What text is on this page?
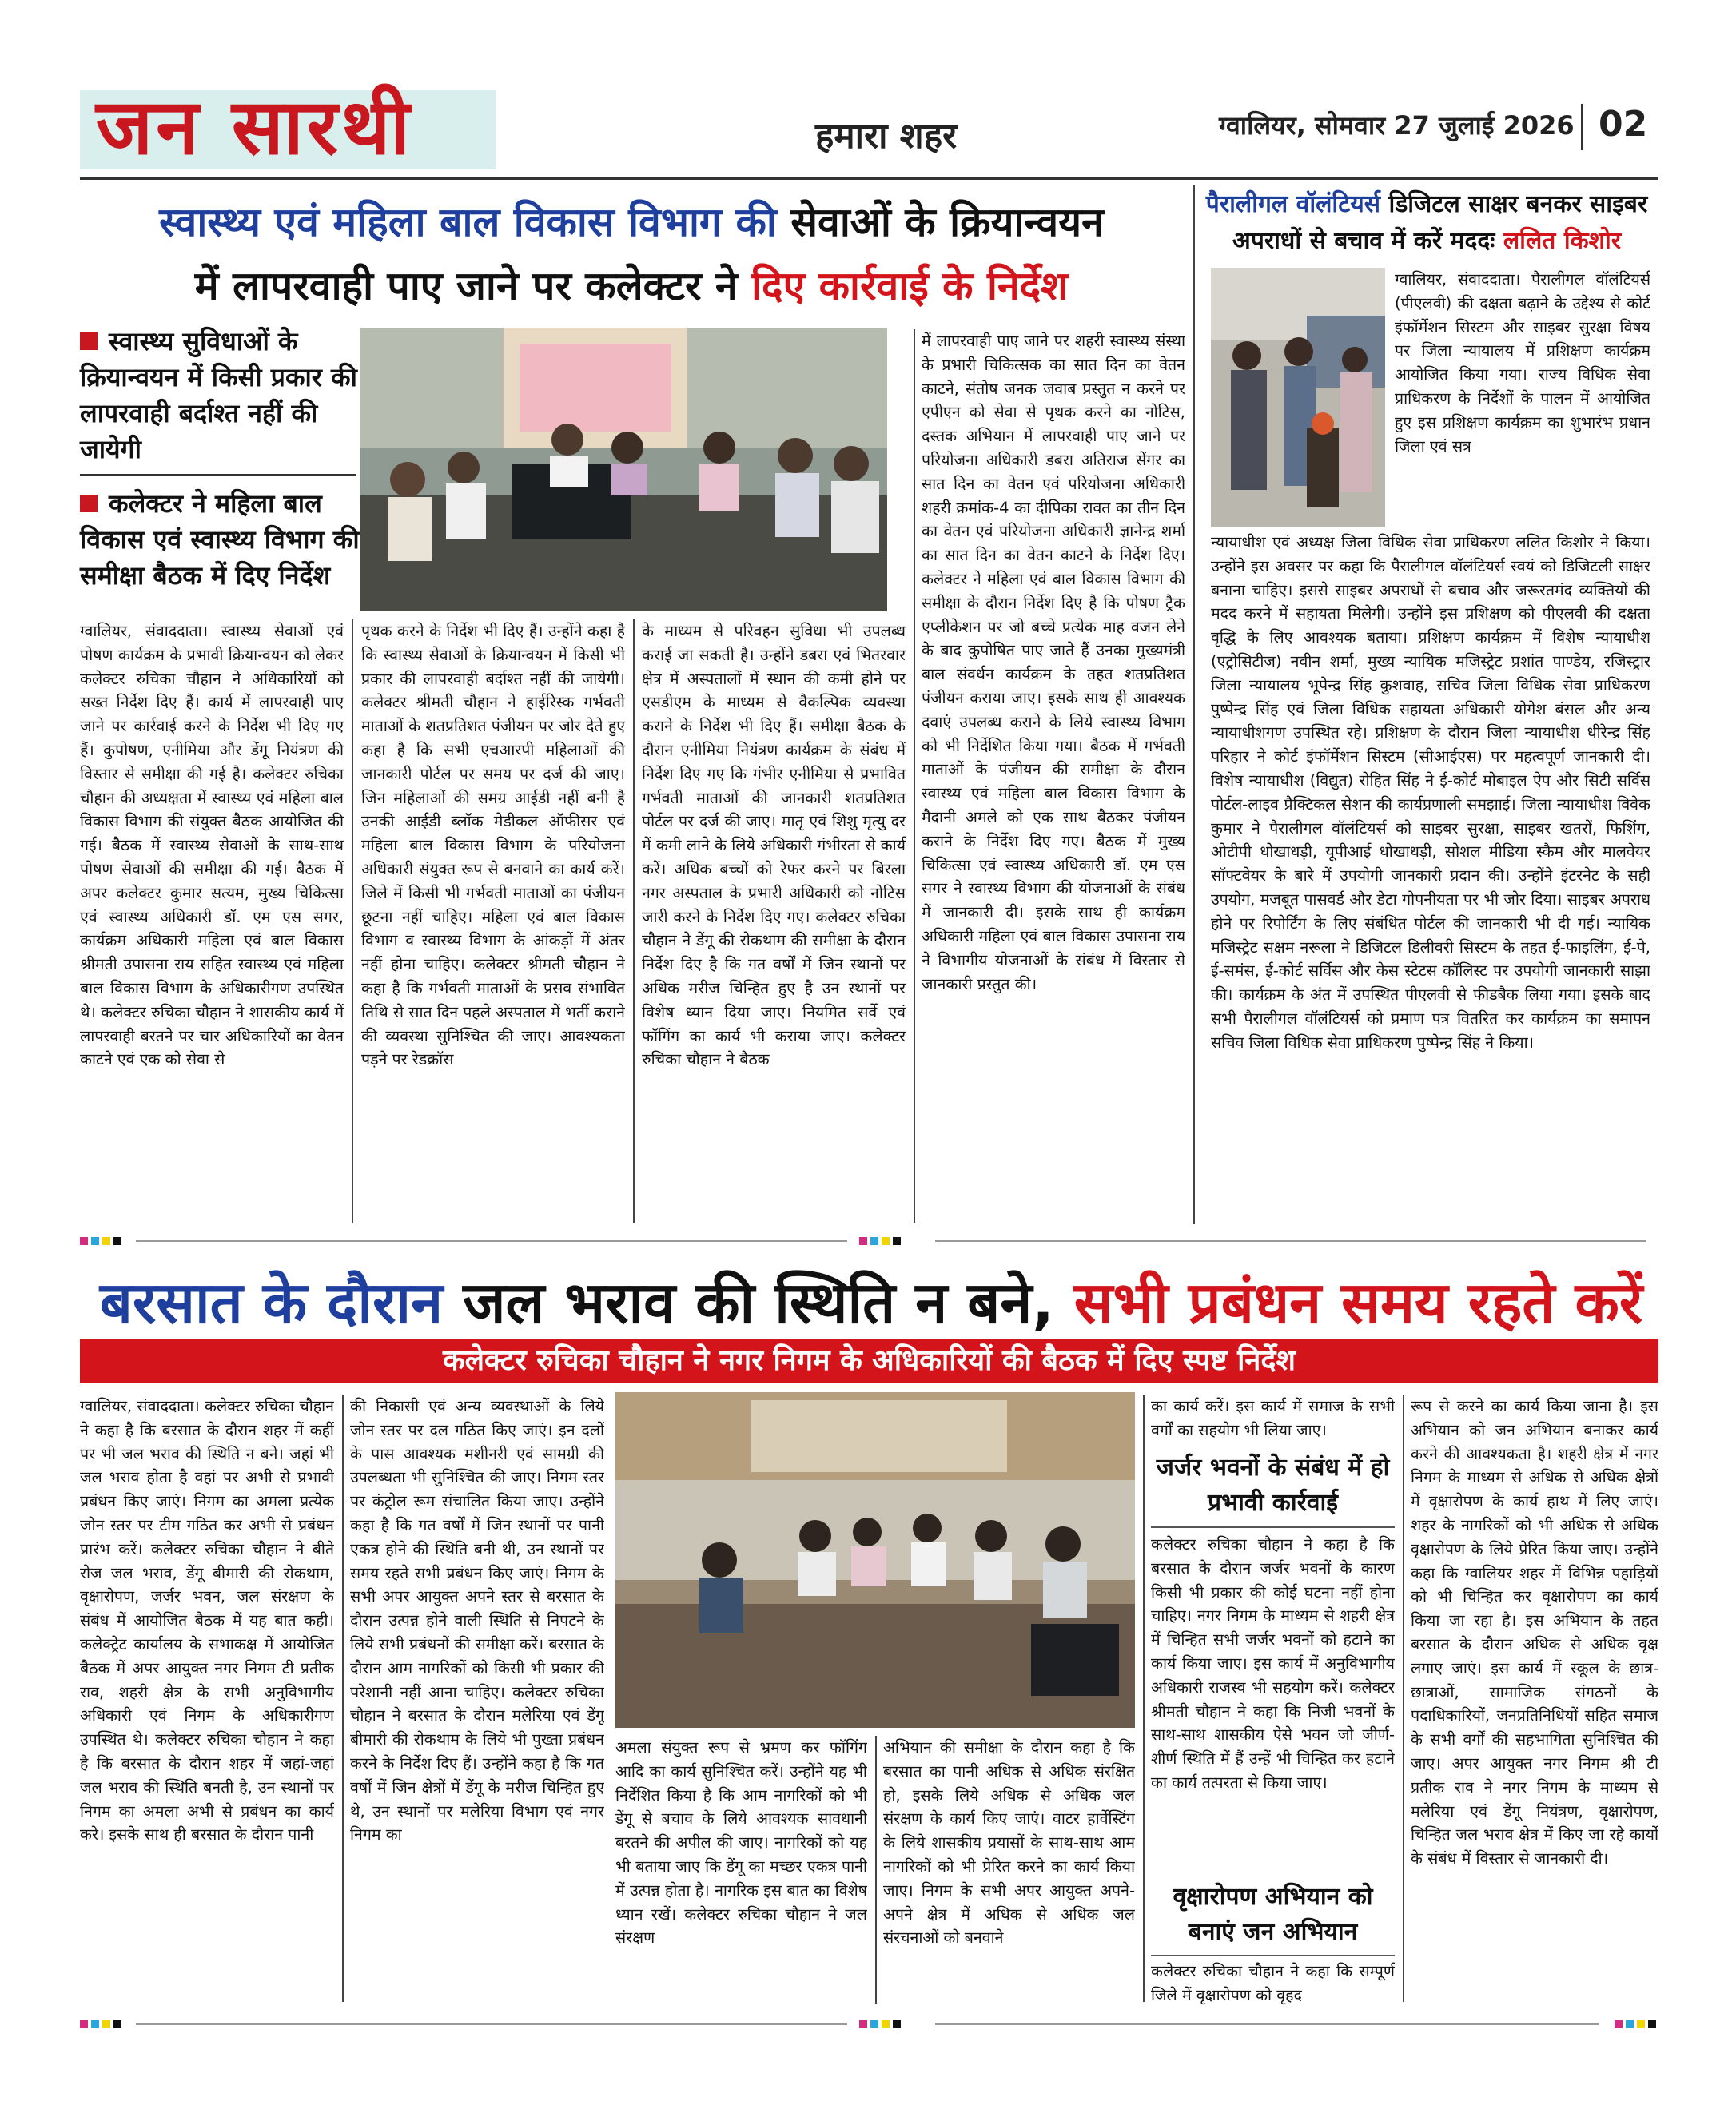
जन सारथी	हमारा शहर	ग्वालियर, सोमवार 27 जुलाई 2026 02
स्वास्थ्य एवं महिला बाल विकास विभाग की सेवाओं के क्रियान्वयन
में लापरवाही पाए जाने पर कलेक्टर ने दिए कार्रवाई के निर्देश
स्वास्थ्य सुविधाओं के क्रियान्वयन में किसी प्रकार की लापरवाही बर्दाश्त नहीं की जायेगी
कलेक्टर ने महिला बाल विकास एवं स्वास्थ्य विभाग की समीक्षा बैठक में दिए निर्देश

ग्वालियर, संवाददाता। स्वास्थ्य सेवाओं एवं पोषण कार्यक्रम के प्रभावी क्रियान्वयन को लेकर कलेक्टर रुचिका चौहान ने अधिकारियों को सख्त निर्देश दिए हैं। कार्य में लापरवाही पाए जाने पर कार्रवाई करने के निर्देश भी दिए गए हैं। कुपोषण, एनीमिया और डेंगू नियंत्रण की विस्तार से समीक्षा की गई है। कलेक्टर रुचिका चौहान की अध्यक्षता में स्वास्थ्य एवं महिला बाल विकास विभाग की संयुक्त बैठक आयोजित की गई। बैठक में स्वास्थ्य सेवाओं के साथ-साथ पोषण सेवाओं की समीक्षा की गई। बैठक में अपर कलेक्टर कुमार सत्यम, मुख्य चिकित्सा एवं स्वास्थ्य अधिकारी डॉ. एम एस सगर, कार्यक्रम अधिकारी महिला एवं बाल विकास श्रीमती उपासना राय सहित स्वास्थ्य एवं महिला बाल विकास विभाग के अधिकारीगण उपस्थित थे। कलेक्टर रुचिका चौहान ने शासकीय कार्य में लापरवाही बरतने पर चार अधिकारियों का वेतन काटने एवं एक को सेवा से

पृथक करने के निर्देश भी दिए हैं। उन्होंने कहा है कि स्वास्थ्य सेवाओं के क्रियान्वयन में किसी भी प्रकार की लापरवाही बर्दाश्त नहीं की जायेगी। कलेक्टर श्रीमती चौहान ने हाईरिस्क गर्भवती माताओं के शतप्रतिशत पंजीयन पर जोर देते हुए कहा है कि सभी एचआरपी महिलाओं की जानकारी पोर्टल पर समय पर दर्ज की जाए। जिन महिलाओं की समग्र आईडी नहीं बनी है उनकी आईडी ब्लॉक मेडीकल ऑफीसर एवं महिला बाल विकास विभाग के परियोजना अधिकारी संयुक्त रूप से बनवाने का कार्य करें। जिले में किसी भी गर्भवती माताओं का पंजीयन छूटना नहीं चाहिए। महिला एवं बाल विकास विभाग व स्वास्थ्य विभाग के आंकड़ों में अंतर नहीं होना चाहिए। कलेक्टर श्रीमती चौहान ने कहा है कि गर्भवती माताओं के प्रसव संभावित तिथि से सात दिन पहले अस्पताल में भर्ती कराने की व्यवस्था सुनिश्चित की जाए। आवश्यकता पड़ने पर रेडक्रॉस

के माध्यम से परिवहन सुविधा भी उपलब्ध कराई जा सकती है। उन्होंने डबरा एवं भितरवार क्षेत्र में अस्पतालों में स्थान की कमी होने पर एसडीएम के माध्यम से वैकल्पिक व्यवस्था कराने के निर्देश भी दिए हैं। समीक्षा बैठक के दौरान एनीमिया नियंत्रण कार्यक्रम के संबंध में निर्देश दिए गए कि गंभीर एनीमिया से प्रभावित गर्भवती माताओं की जानकारी शतप्रतिशत पोर्टल पर दर्ज की जाए। मातृ एवं शिशु मृत्यु दर में कमी लाने के लिये अधिकारी गंभीरता से कार्य करें। अधिक बच्चों को रेफर करने पर बिरला नगर अस्पताल के प्रभारी अधिकारी को नोटिस जारी करने के निर्देश दिए गए। कलेक्टर रुचिका चौहान ने डेंगू की रोकथाम की समीक्षा के दौरान निर्देश दिए है कि गत वर्षों में जिन स्थानों पर अधिक मरीज चिन्हित हुए है उन स्थानों पर विशेष ध्यान दिया जाए। नियमित सर्वे एवं फॉगिंग का कार्य भी कराया जाए। कलेक्टर रुचिका चौहान ने बैठक

में लापरवाही पाए जाने पर शहरी स्वास्थ्य संस्था के प्रभारी चिकित्सक का सात दिन का वेतन काटने, संतोष जनक जवाब प्रस्तुत न करने पर एपीएन को सेवा से पृथक करने का नोटिस, दस्तक अभियान में लापरवाही पाए जाने पर परियोजना अधिकारी डबरा अतिराज सेंगर का सात दिन का वेतन एवं परियोजना अधिकारी शहरी क्रमांक-4 का दीपिका रावत का तीन दिन का वेतन एवं परियोजना अधिकारी ज्ञानेन्द्र शर्मा का सात दिन का वेतन काटने के निर्देश दिए। कलेक्टर ने महिला एवं बाल विकास विभाग की समीक्षा के दौरान निर्देश दिए है कि पोषण ट्रैक एप्लीकेशन पर जो बच्चे प्रत्येक माह वजन लेने के बाद कुपोषित पाए जाते हैं उनका मुख्यमंत्री बाल संवर्धन कार्यक्रम के तहत शतप्रतिशत पंजीयन कराया जाए। इसके साथ ही आवश्यक दवाएं उपलब्ध कराने के लिये स्वास्थ्य विभाग को भी निर्देशित किया गया। बैठक में गर्भवती माताओं के पंजीयन की समीक्षा के दौरान स्वास्थ्य एवं महिला बाल विकास विभाग के मैदानी अमले को एक साथ बैठकर पंजीयन कराने के निर्देश दिए गए। बैठक में मुख्य चिकित्सा एवं स्वास्थ्य अधिकारी डॉ. एम एस सगर ने स्वास्थ्य विभाग की योजनाओं के संबंध में जानकारी दी। इसके साथ ही कार्यक्रम अधिकारी महिला एवं बाल विकास उपासना राय ने विभागीय योजनाओं के संबंध में विस्तार से जानकारी प्रस्तुत की।

पैरालीगल वॉलंटियर्स डिजिटल साक्षर बनकर साइबर अपराधों से बचाव में करें मददः ललित किशोर

ग्वालियर, संवाददाता। पैरालीगल वॉलंटियर्स (पीएलवी) की दक्षता बढ़ाने के उद्देश्य से कोर्ट इंफॉर्मेशन सिस्टम और साइबर सुरक्षा विषय पर जिला न्यायालय में प्रशिक्षण कार्यक्रम आयोजित किया गया। राज्य विधिक सेवा प्राधिकरण के निर्देशों के पालन में आयोजित हुए इस प्रशिक्षण कार्यक्रम का शुभारंभ प्रधान जिला एवं सत्र

न्यायाधीश एवं अध्यक्ष जिला विधिक सेवा प्राधिकरण ललित किशोर ने किया। उन्होंने इस अवसर पर कहा कि पैरालीगल वॉलंटियर्स स्वयं को डिजिटली साक्षर बनाना चाहिए। इससे साइबर अपराधों से बचाव और जरूरतमंद व्यक्तियों की मदद करने में सहायता मिलेगी। उन्होंने इस प्रशिक्षण को पीएलवी की दक्षता वृद्धि के लिए आवश्यक बताया। प्रशिक्षण कार्यक्रम में विशेष न्यायाधीश (एट्रोसिटीज) नवीन शर्मा, मुख्य न्यायिक मजिस्ट्रेट प्रशांत पाण्डेय, रजिस्ट्रार जिला न्यायालय भूपेन्द्र सिंह कुशवाह, सचिव जिला विधिक सेवा प्राधिकरण पुष्पेन्द्र सिंह एवं जिला विधिक सहायता अधिकारी योगेश बंसल और अन्य न्यायाधीशगण उपस्थित रहे। प्रशिक्षण के दौरान जिला न्यायाधीश धीरेन्द्र सिंह परिहार ने कोर्ट इंफॉर्मेशन सिस्टम (सीआईएस) पर महत्वपूर्ण जानकारी दी। विशेष न्यायाधीश (विद्युत) रोहित सिंह ने ई-कोर्ट मोबाइल ऐप और सिटी सर्विस पोर्टल-लाइव प्रैक्टिकल सेशन की कार्यप्रणाली समझाई। जिला न्यायाधीश विवेक कुमार ने पैरालीगल वॉलंटियर्स को साइबर सुरक्षा, साइबर खतरों, फिशिंग, ओटीपी धोखाधड़ी, यूपीआई धोखाधड़ी, सोशल मीडिया स्कैम और मालवेयर सॉफ्टवेयर के बारे में उपयोगी जानकारी प्रदान की। उन्होंने इंटरनेट के सही उपयोग, मजबूत पासवर्ड और डेटा गोपनीयता पर भी जोर दिया। साइबर अपराध होने पर रिपोर्टिंग के लिए संबंधित पोर्टल की जानकारी भी दी गई। न्यायिक मजिस्ट्रेट सक्षम नरूला ने डिजिटल डिलीवरी सिस्टम के तहत ई-फाइलिंग, ई-पे, ई-समंस, ई-कोर्ट सर्विस और केस स्टेटस कॉलिस्ट पर उपयोगी जानकारी साझा की। कार्यक्रम के अंत में उपस्थित पीएलवी से फीडबैक लिया गया। इसके बाद सभी पैरालीगल वॉलंटियर्स को प्रमाण पत्र वितरित कर कार्यक्रम का समापन सचिव जिला विधिक सेवा प्राधिकरण पुष्पेन्द्र सिंह ने किया।

बरसात के दौरान जल भराव की स्थिति न बने, सभी प्रबंधन समय रहते करें
कलेक्टर रुचिका चौहान ने नगर निगम के अधिकारियों की बैठक में दिए स्पष्ट निर्देश

ग्वालियर, संवाददाता। कलेक्टर रुचिका चौहान ने कहा है कि बरसात के दौरान शहर में कहीं पर भी जल भराव की स्थिति न बने। जहां भी जल भराव होता है वहां पर अभी से प्रभावी प्रबंधन किए जाएं। निगम का अमला प्रत्येक जोन स्तर पर टीम गठित कर अभी से प्रबंधन प्रारंभ करें। कलेक्टर रुचिका चौहान ने बीते रोज जल भराव, डेंगू बीमारी की रोकथाम, वृक्षारोपण, जर्जर भवन, जल संरक्षण के संबंध में आयोजित बैठक में यह बात कही। कलेक्ट्रेट कार्यालय के सभाकक्ष में आयोजित बैठक में अपर आयुक्त नगर निगम टी प्रतीक राव, शहरी क्षेत्र के सभी अनुविभागीय अधिकारी एवं निगम के अधिकारीगण उपस्थित थे। कलेक्टर रुचिका चौहान ने कहा है कि बरसात के दौरान शहर में जहां-जहां जल भराव की स्थिति बनती है, उन स्थानों पर निगम का अमला अभी से प्रबंधन का कार्य करे। इसके साथ ही बरसात के दौरान पानी

की निकासी एवं अन्य व्यवस्थाओं के लिये जोन स्तर पर दल गठित किए जाएं। इन दलों के पास आवश्यक मशीनरी एवं सामग्री की उपलब्धता भी सुनिश्चित की जाए। निगम स्तर पर कंट्रोल रूम संचालित किया जाए। उन्होंने कहा है कि गत वर्षों में जिन स्थानों पर पानी एकत्र होने की स्थिति बनी थी, उन स्थानों पर समय रहते सभी प्रबंधन किए जाएं। निगम के सभी अपर आयुक्त अपने स्तर से बरसात के दौरान उत्पन्न होने वाली स्थिति से निपटने के लिये सभी प्रबंधनों की समीक्षा करें। बरसात के दौरान आम नागरिकों को किसी भी प्रकार की परेशानी नहीं आना चाहिए। कलेक्टर रुचिका चौहान ने बरसात के दौरान मलेरिया एवं डेंगू बीमारी की रोकथाम के लिये भी पुख्ता प्रबंधन करने के निर्देश दिए हैं। उन्होंने कहा है कि गत वर्षों में जिन क्षेत्रों में डेंगू के मरीज चिन्हित हुए थे, उन स्थानों पर मलेरिया विभाग एवं नगर निगम का

अमला संयुक्त रूप से भ्रमण कर फॉगिंग आदि का कार्य सुनिश्चित करें। उन्होंने यह भी निर्देशित किया है कि आम नागरिकों को भी डेंगू से बचाव के लिये आवश्यक सावधानी बरतने की अपील की जाए। नागरिकों को यह भी बताया जाए कि डेंगू का मच्छर एकत्र पानी में उत्पन्न होता है। नागरिक इस बात का विशेष ध्यान रखें। कलेक्टर रुचिका चौहान ने जल संरक्षण

अभियान की समीक्षा के दौरान कहा है कि बरसात का पानी अधिक से अधिक संरक्षित हो, इसके लिये अधिक से अधिक जल संरक्षण के कार्य किए जाएं। वाटर हार्वेस्टिंग के लिये शासकीय प्रयासों के साथ-साथ आम नागरिकों को भी प्रेरित करने का कार्य किया जाए। निगम के सभी अपर आयुक्त अपने-अपने क्षेत्र में अधिक से अधिक जल संरचनाओं को बनवाने

का कार्य करें। इस कार्य में समाज के सभी वर्गों का सहयोग भी लिया जाए।

जर्जर भवनों के संबंध में हो प्रभावी कार्रवाई

कलेक्टर रुचिका चौहान ने कहा है कि बरसात के दौरान जर्जर भवनों के कारण किसी भी प्रकार की कोई घटना नहीं होना चाहिए। नगर निगम के माध्यम से शहरी क्षेत्र में चिन्हित सभी जर्जर भवनों को हटाने का कार्य किया जाए। इस कार्य में अनुविभागीय अधिकारी राजस्व भी सहयोग करें। कलेक्टर श्रीमती चौहान ने कहा कि निजी भवनों के साथ-साथ शासकीय ऐसे भवन जो जीर्ण-शीर्ण स्थिति में हैं उन्हें भी चिन्हित कर हटाने का कार्य तत्परता से किया जाए।

वृक्षारोपण अभियान को बनाएं जन अभियान

कलेक्टर रुचिका चौहान ने कहा कि सम्पूर्ण जिले में वृक्षारोपण को वृहद

रूप से करने का कार्य किया जाना है। इस अभियान को जन अभियान बनाकर कार्य करने की आवश्यकता है। शहरी क्षेत्र में नगर निगम के माध्यम से अधिक से अधिक क्षेत्रों में वृक्षारोपण के कार्य हाथ में लिए जाएं। शहर के नागरिकों को भी अधिक से अधिक वृक्षारोपण के लिये प्रेरित किया जाए। उन्होंने कहा कि ग्वालियर शहर में विभिन्न पहाड़ियों को भी चिन्हित कर वृक्षारोपण का कार्य किया जा रहा है। इस अभियान के तहत बरसात के दौरान अधिक से अधिक वृक्ष लगाए जाएं। इस कार्य में स्कूल के छात्र-छात्राओं, सामाजिक संगठनों के पदाधिकारियों, जनप्रतिनिधियों सहित समाज के सभी वर्गों की सहभागिता सुनिश्चित की जाए। अपर आयुक्त नगर निगम श्री टी प्रतीक राव ने नगर निगम के माध्यम से मलेरिया एवं डेंगू नियंत्रण, वृक्षारोपण, चिन्हित जल भराव क्षेत्र में किए जा रहे कार्यों के संबंध में विस्तार से जानकारी दी।
